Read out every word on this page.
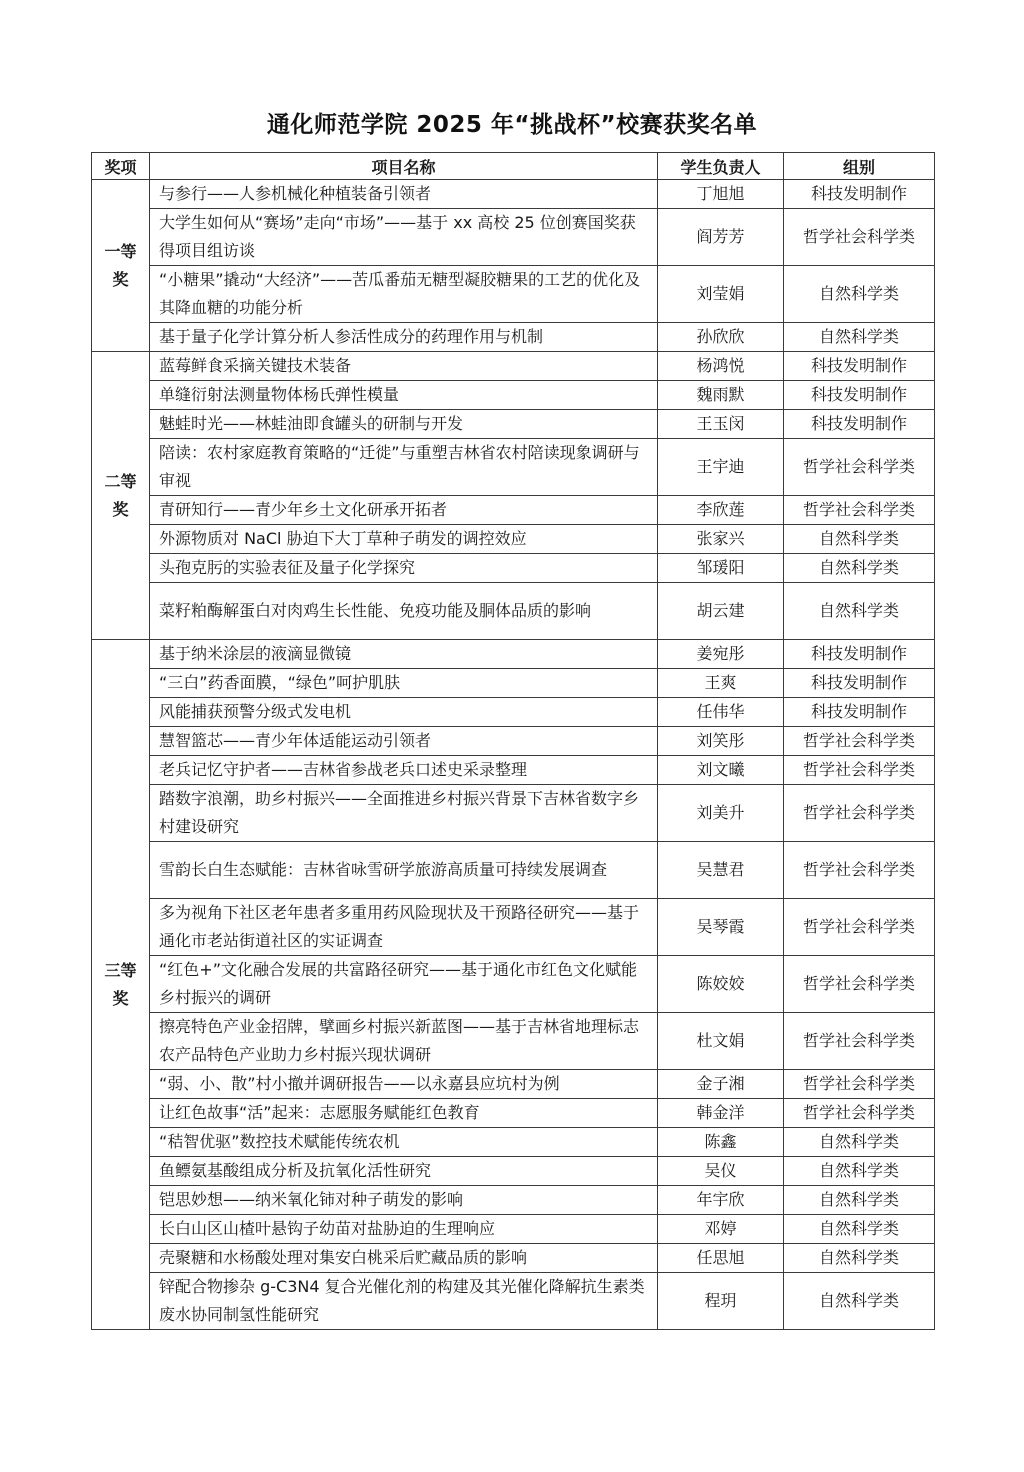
通化师范学院 2025 年“挑战杯”校赛获奖名单
奖项	项目名称	学生负责人	组别

一等
奖	与参行——人参机械化种植装备引领者	丁旭旭	科技发明制作
	大学生如何从“赛场”走向“市场”——基于 xx 高校 25 位创赛国奖获得项目组访谈	阎芳芳	哲学社会科学类
	“小糖果”撬动“大经济”——苦瓜番茄无糖型凝胶糖果的工艺的优化及其降血糖的功能分析	刘莹娟	自然科学类
	基于量子化学计算分析人参活性成分的药理作用与机制	孙欣欣	自然科学类

二等
奖	蓝莓鲜食采摘关键技术装备	杨鸿悦	科技发明制作
	单缝衍射法测量物体杨氏弹性模量	魏雨默	科技发明制作
	魅蛙时光——林蛙油即食罐头的研制与开发	王玉闵	科技发明制作
	陪读：农村家庭教育策略的“迁徙”与重塑吉林省农村陪读现象调研与审视	王宇迪	哲学社会科学类
	青研知行——青少年乡土文化研承开拓者	李欣莲	哲学社会科学类
	外源物质对 NaCl 胁迫下大丁草种子萌发的调控效应	张家兴	自然科学类
	头孢克肟的实验表征及量子化学探究	邹瑗阳	自然科学类
	菜籽粕酶解蛋白对肉鸡生长性能、免疫功能及胴体品质的影响	胡云建	自然科学类

三等
奖	基于纳米涂层的液滴显微镜	姜宛彤	科技发明制作
	“三白”药香面膜，“绿色”呵护肌肤	王爽	科技发明制作
	风能捕获预警分级式发电机	任伟华	科技发明制作
	慧智篮芯——青少年体适能运动引领者	刘笑彤	哲学社会科学类
	老兵记忆守护者——吉林省参战老兵口述史采录整理	刘文曦	哲学社会科学类
	踏数字浪潮，助乡村振兴——全面推进乡村振兴背景下吉林省数字乡村建设研究	刘美升	哲学社会科学类
	雪韵长白生态赋能：吉林省咏雪研学旅游高质量可持续发展调查	吴慧君	哲学社会科学类
	多为视角下社区老年患者多重用药风险现状及干预路径研究——基于通化市老站街道社区的实证调查	吴琴霞	哲学社会科学类
	“红色+”文化融合发展的共富路径研究——基于通化市红色文化赋能乡村振兴的调研	陈姣姣	哲学社会科学类
	擦亮特色产业金招牌，擘画乡村振兴新蓝图——基于吉林省地理标志农产品特色产业助力乡村振兴现状调研	杜文娟	哲学社会科学类
	“弱、小、散”村小撤并调研报告——以永嘉县应坑村为例	金子湘	哲学社会科学类
	让红色故事“活”起来：志愿服务赋能红色教育	韩金洋	哲学社会科学类
	“秸智优驱”数控技术赋能传统农机	陈鑫	自然科学类
	鱼鳔氨基酸组成分析及抗氧化活性研究	吴仪	自然科学类
	铠思妙想——纳米氧化铈对种子萌发的影响	年宇欣	自然科学类
	长白山区山楂叶悬钩子幼苗对盐胁迫的生理响应	邓婷	自然科学类
	壳聚糖和水杨酸处理对集安白桃采后贮藏品质的影响	任思旭	自然科学类
	锌配合物掺杂 g-C3N4 复合光催化剂的构建及其光催化降解抗生素类废水协同制氢性能研究	程玥	自然科学类
